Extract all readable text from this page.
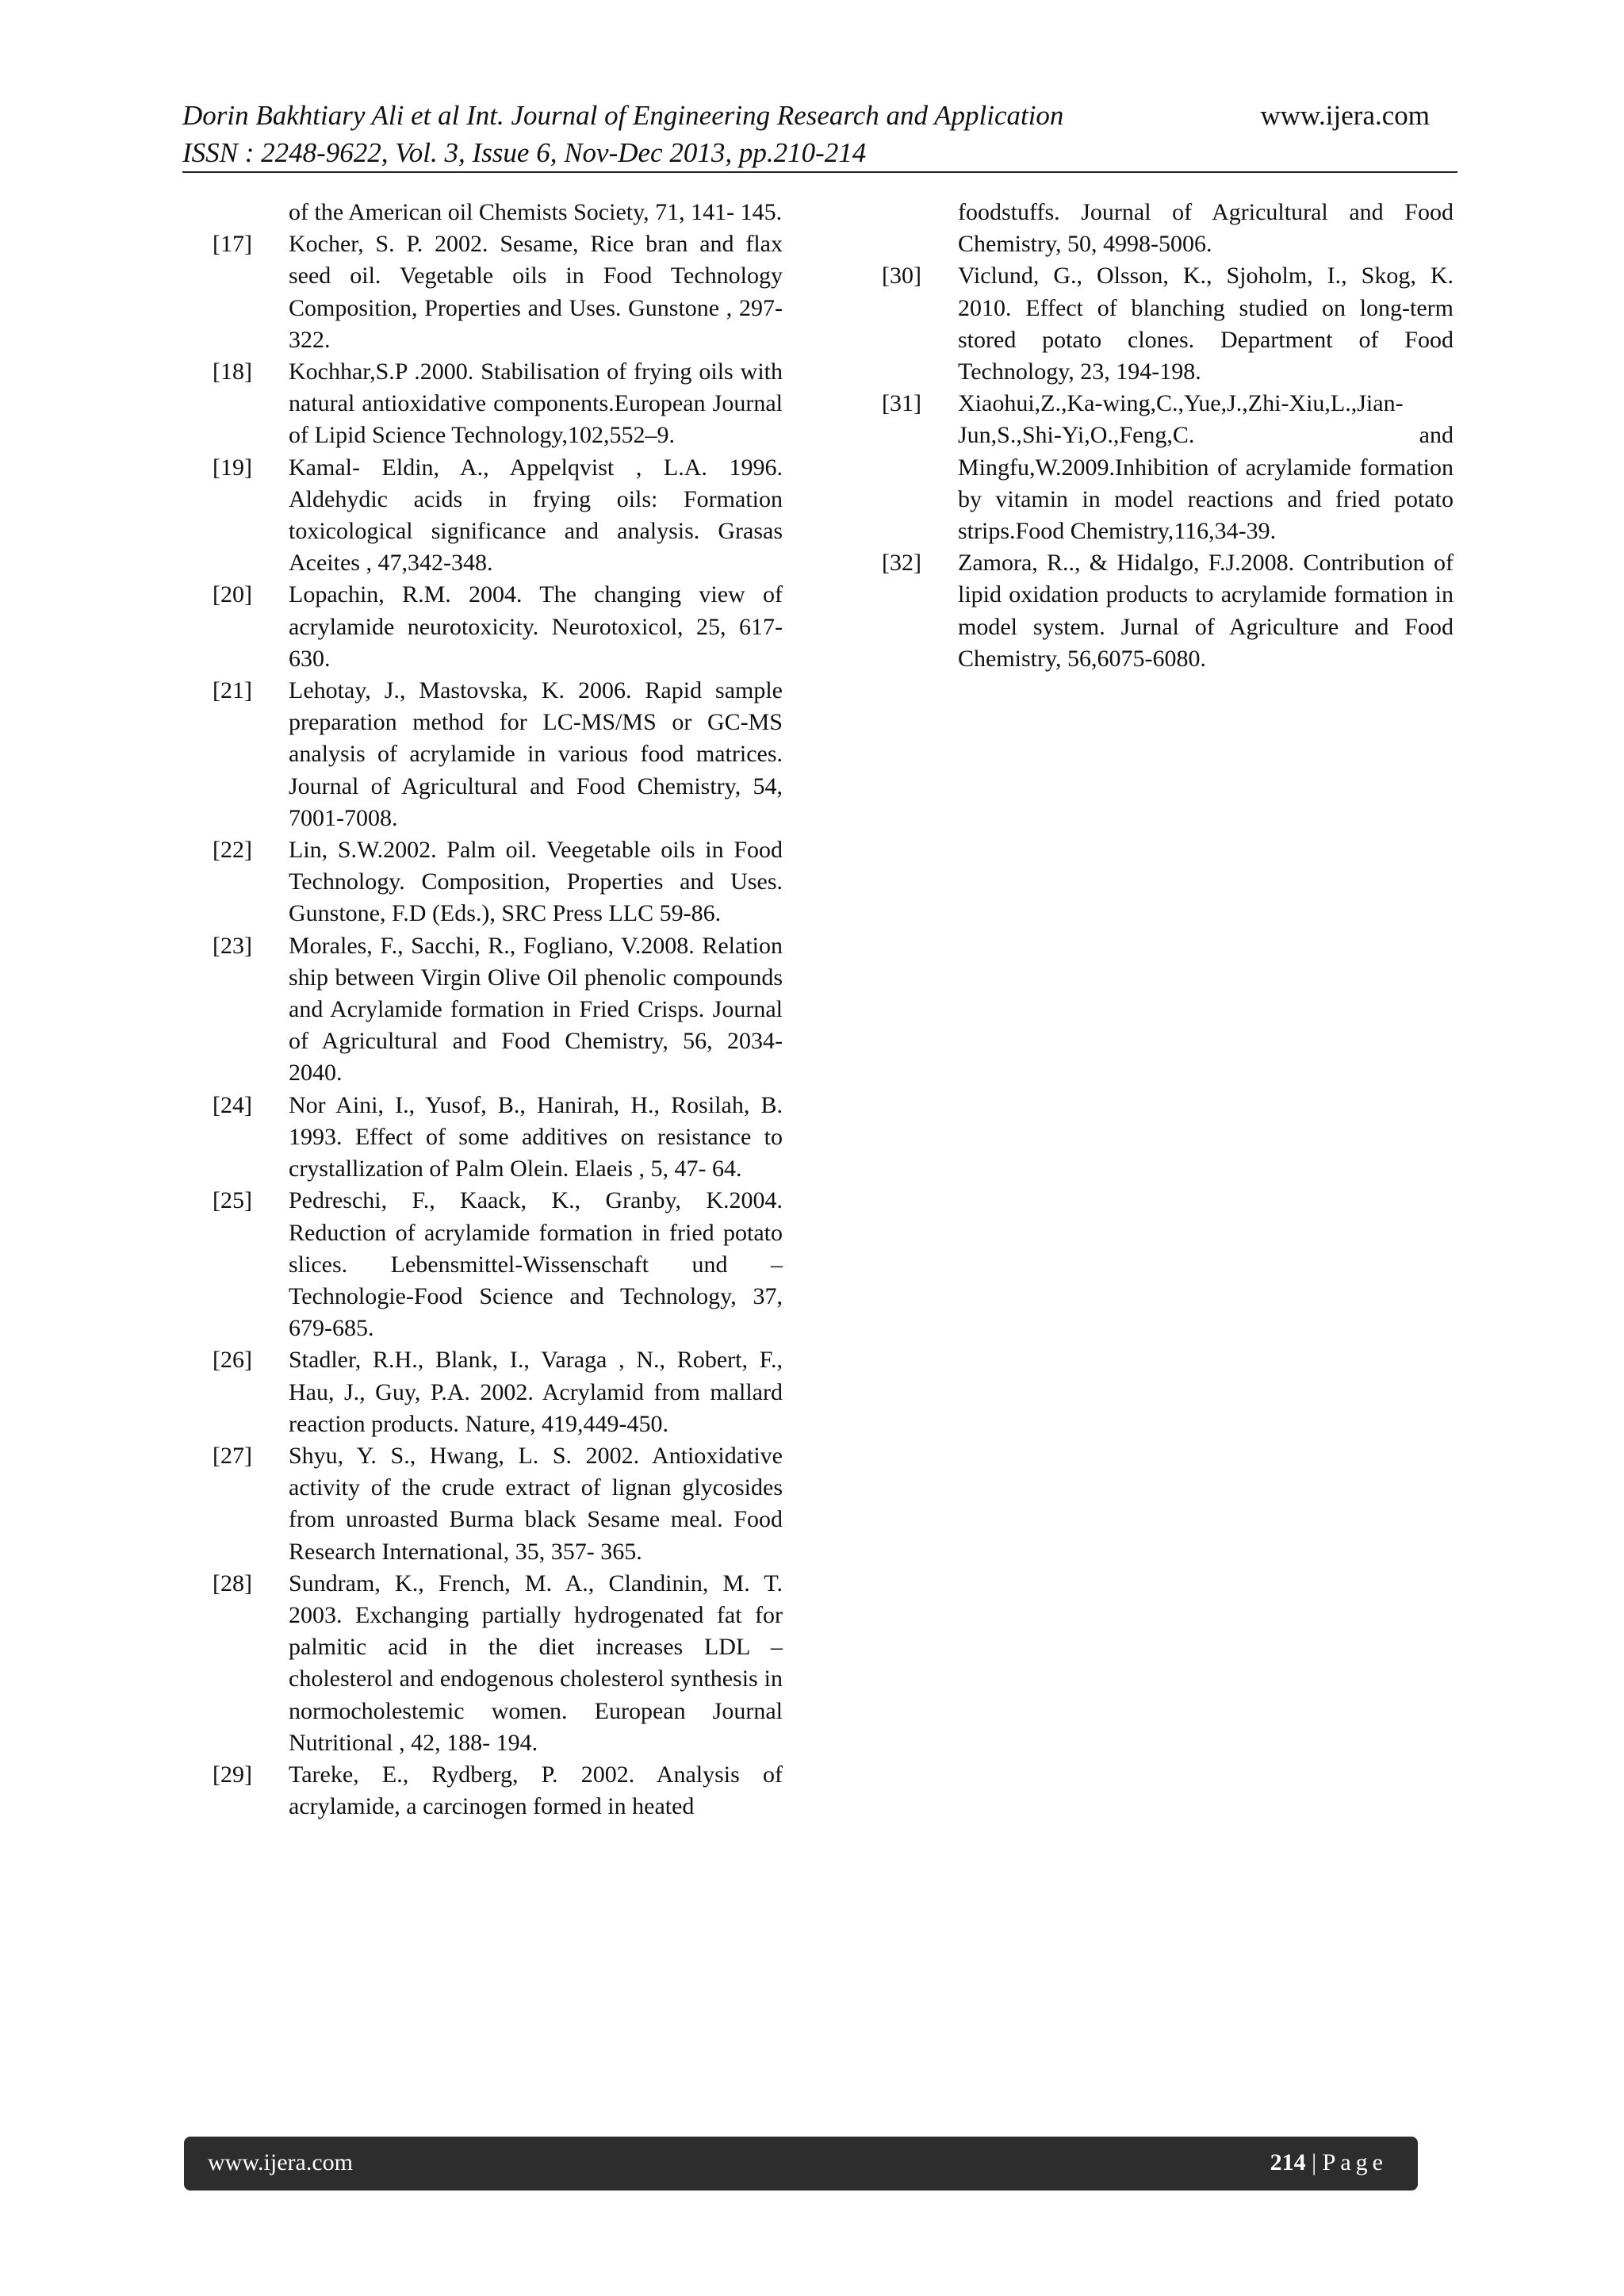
Dorin Bakhtiary Ali et al Int. Journal of Engineering Research and Application
ISSN : 2248-9622, Vol. 3, Issue 6, Nov-Dec 2013, pp.210-214
www.ijera.com
of the American oil Chemists Society, 71, 141- 145.
[17]	Kocher, S. P. 2002. Sesame, Rice bran and flax seed oil. Vegetable oils in Food Technology Composition, Properties and Uses. Gunstone , 297- 322.
[18]	Kochhar,S.P .2000. Stabilisation of frying oils with natural antioxidative components.European Journal of Lipid Science Technology,102,552–9.
[19]	Kamal- Eldin, A., Appelqvist , L.A. 1996. Aldehydic acids in frying oils: Formation toxicological significance and analysis. Grasas Aceites , 47,342-348.
[20]	Lopachin, R.M. 2004. The changing view of acrylamide neurotoxicity. Neurotoxicol, 25, 617-630.
[21]	Lehotay, J., Mastovska, K. 2006. Rapid sample preparation method for LC-MS/MS or GC-MS analysis of acrylamide in various food matrices. Journal of Agricultural and Food Chemistry, 54, 7001-7008.
[22]	Lin, S.W.2002. Palm oil. Veegetable oils in Food Technology. Composition, Properties and Uses. Gunstone, F.D (Eds.), SRC Press LLC 59-86.
[23]	Morales, F., Sacchi, R., Fogliano, V.2008. Relation ship between Virgin Olive Oil phenolic compounds and Acrylamide formation in Fried Crisps. Journal of Agricultural and Food Chemistry, 56, 2034-2040.
[24]	Nor Aini, I., Yusof, B., Hanirah, H., Rosilah, B. 1993. Effect of some additives on resistance to crystallization of Palm Olein. Elaeis , 5, 47- 64.
[25]	Pedreschi, F., Kaack, K., Granby, K.2004. Reduction of acrylamide formation in fried potato slices. Lebensmittel-Wissenschaft und –Technologie-Food Science and Technology, 37, 679-685.
[26]	Stadler, R.H., Blank, I., Varaga , N., Robert, F., Hau, J., Guy, P.A. 2002. Acrylamid from mallard reaction products. Nature, 419,449-450.
[27]	Shyu, Y. S., Hwang, L. S. 2002. Antioxidative activity of the crude extract of lignan glycosides from unroasted Burma black Sesame meal. Food Research International, 35, 357- 365.
[28]	Sundram, K., French, M. A., Clandinin, M. T. 2003. Exchanging partially hydrogenated fat for palmitic acid in the diet increases LDL – cholesterol and endogenous cholesterol synthesis in normocholestemic women. European Journal Nutritional , 42, 188- 194.
[29]	Tareke, E., Rydberg, P. 2002. Analysis of acrylamide, a carcinogen formed in heated
foodstuffs. Journal of Agricultural and Food Chemistry, 50, 4998-5006.
[30]	Viclund, G., Olsson, K., Sjoholm, I., Skog, K. 2010. Effect of blanching studied on long-term stored potato clones. Department of Food Technology, 23, 194-198.
[31]	Xiaohui,Z.,Ka-wing,C.,Yue,J.,Zhi-Xiu,L.,Jian-Jun,S.,Shi-Yi,O.,Feng,C. and Mingfu,W.2009.Inhibition of acrylamide formation by vitamin in model reactions and fried potato strips.Food Chemistry,116,34-39.
[32]	Zamora, R.., & Hidalgo, F.J.2008. Contribution of lipid oxidation products to acrylamide formation in model system. Jurnal of Agriculture and Food Chemistry, 56,6075-6080.
www.ijera.com	214 | Page
